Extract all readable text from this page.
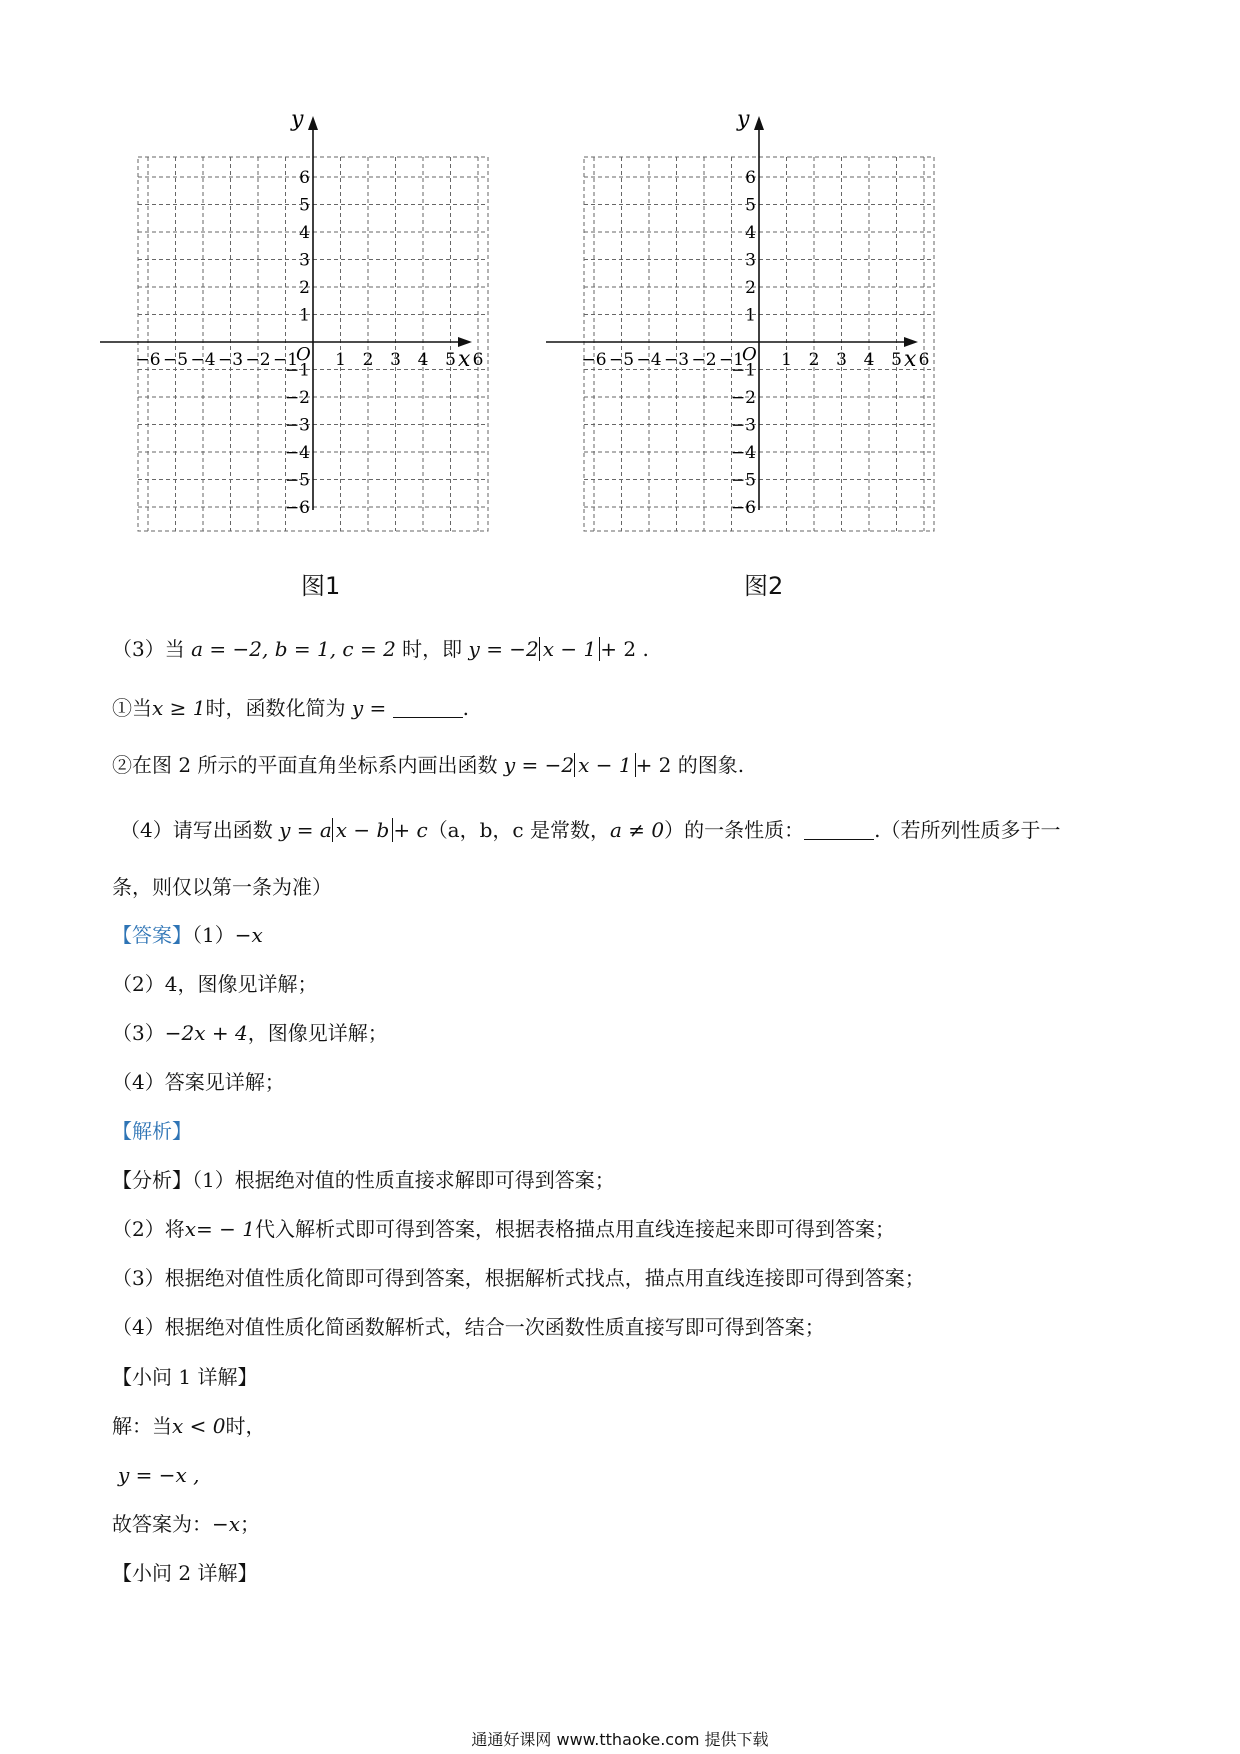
x
y
O
−6 −5 −4 −3 −2 −1 1 2 3 4 5 6
6
5
4
3
2
1
−1
−2
−3
−4
−5
−6
图1
x
y
O
−6 −5 −4 −3 −2 −1 1 2 3 4 5 6
6
5
4
3
2
1
−1
−2
−3
−4
−5
−6
图2
（3）当 a = −2, b = 1, c = 2 时，即 y = −2 x − 1 + 2 .
①当x ≥ 1时，函数化简为 y =	.
②在图 2 所示的平面直角坐标系内画出函数 y = −2 x − 1 + 2 的图象.
（4）请写出函数 y = a x − b + c（a，b，c 是常数，a ≠ 0）的一条性质：	.（若所列性质多于一
条，则仅以第一条为准）
【答案】（1）−x
（2）4，图像见详解；
（3）−2x + 4，图像见详解；
（4）答案见详解；
【解析】
【分析】（1）根据绝对值的性质直接求解即可得到答案；
（2）将x= − 1代入解析式即可得到答案，根据表格描点用直线连接起来即可得到答案；
（3）根据绝对值性质化简即可得到答案，根据解析式找点，描点用直线连接即可得到答案；
（4）根据绝对值性质化简函数解析式，结合一次函数性质直接写即可得到答案；
【小问 1 详解】
解：当x < 0时，
y = −x ,
故答案为：−x；
【小问 2 详解】
通通好课网 www.tthaoke.com 提供下载
